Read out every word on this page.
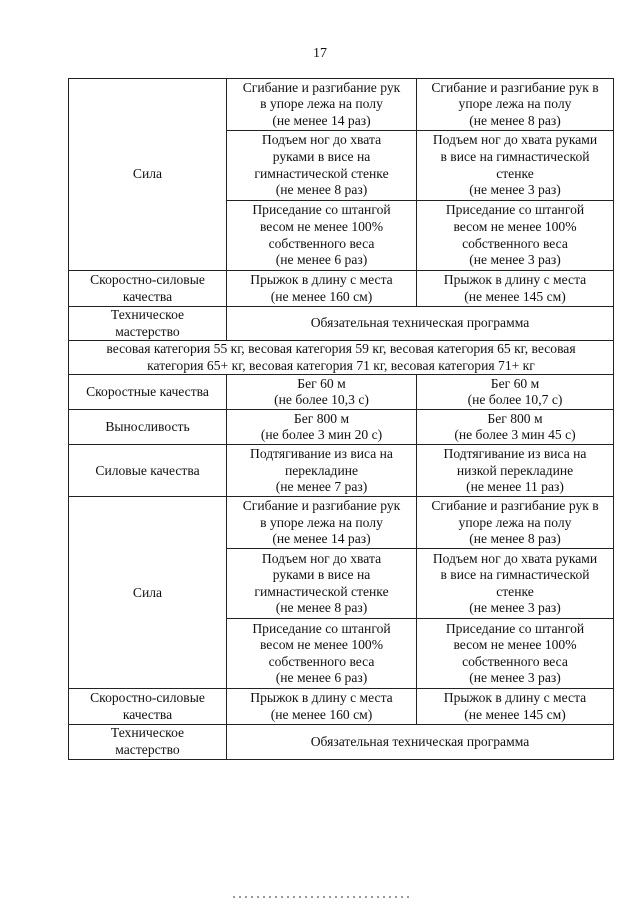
17
Сила	Сгибание и разгибание рук
в упоре лежа на полу
(не менее 14 раз)	Сгибание и разгибание рук в
упоре лежа на полу
(не менее 8 раз)

	Подъем ног до хвата
руками в висе на
гимнастической стенке
(не менее 8 раз)	Подъем ног до хвата руками
в висе на гимнастической
стенке
(не менее 3 раз)

	Приседание со штангой
весом не менее 100%
собственного веса
(не менее 6 раз)	Приседание со штангой
весом не менее 100%
собственного веса
(не менее 3 раз)

Скоростно-силовые
качества	Прыжок в длину с места
(не менее 160 см)	Прыжок в длину с места
(не менее 145 см)

Техническое
мастерство	Обязательная техническая программа	

весовая категория 55 кг, весовая категория 59 кг, весовая категория 65 кг, весовая
категория 65+ кг, весовая категория 71 кг, весовая категория 71+ кг		

Скоростные качества	Бег 60 м
(не более 10,3 с)	Бег 60 м
(не более 10,7 с)

Выносливость	Бег 800 м
(не более 3 мин 20 с)	Бег 800 м
(не более 3 мин 45 с)

Силовые качества	Подтягивание из виса на
перекладине
(не менее 7 раз)	Подтягивание из виса на
низкой перекладине
(не менее 11 раз)

Сила	Сгибание и разгибание рук
в упоре лежа на полу
(не менее 14 раз)	Сгибание и разгибание рук в
упоре лежа на полу
(не менее 8 раз)

	Подъем ног до хвата
руками в висе на
гимнастической стенке
(не менее 8 раз)	Подъем ног до хвата руками
в висе на гимнастической
стенке
(не менее 3 раз)

	Приседание со штангой
весом не менее 100%
собственного веса
(не менее 6 раз)	Приседание со штангой
весом не менее 100%
собственного веса
(не менее 3 раз)

Скоростно-силовые
качества	Прыжок в длину с места
(не менее 160 см)	Прыжок в длину с места
(не менее 145 см)

Техническое
мастерство	Обязательная техническая программа	
